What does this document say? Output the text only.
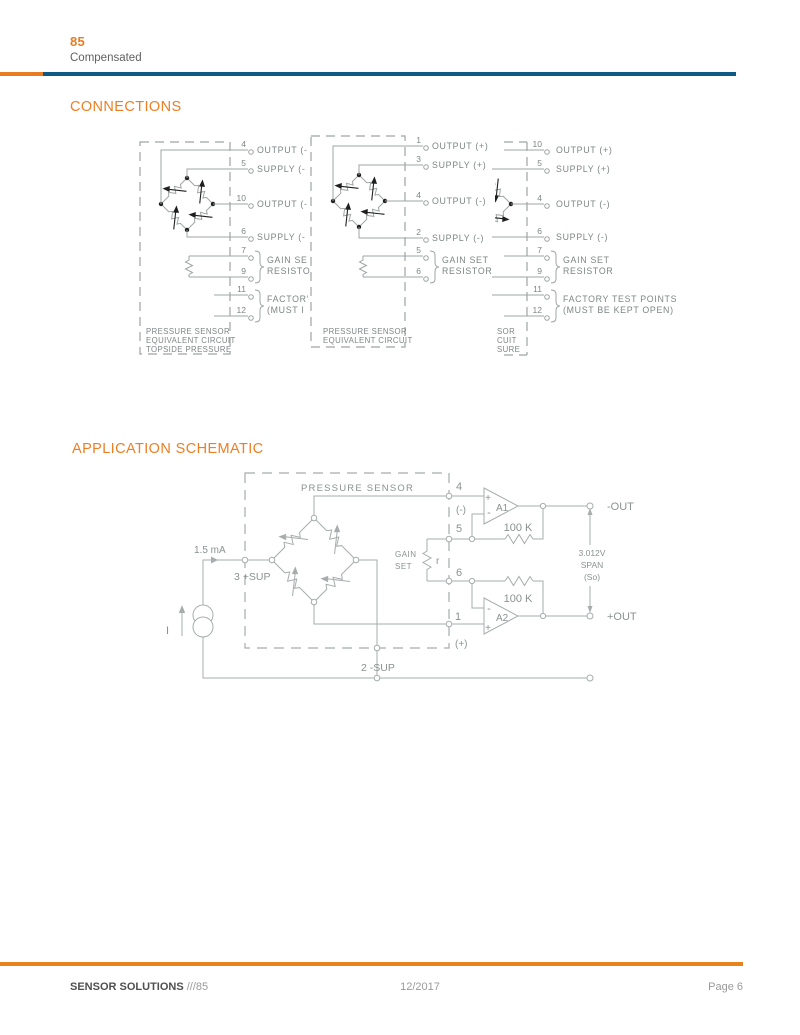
85
Compensated
CONNECTIONS
APPLICATION SCHEMATIC
4
5
10
6
7
9
11
12
OUTPUT (-
SUPPLY (-
OUTPUT (-
SUPPLY (-
GAIN SE
RESISTO
FACTOR'
(MUST I
PRESSURE SENSOR
EQUIVALENT CIRCUIT
TOPSIDE PRESSURE
1
3
4
2
5
6
OUTPUT (+)
SUPPLY (+)
OUTPUT (-)
SUPPLY (-)
GAIN SET
RESISTOR
PRESSURE SENSOR
EQUIVALENT CIRCUIT
10
5
4
6
7
9
11
12
OUTPUT (+)
SUPPLY (+)
OUTPUT (-)
SUPPLY (-)
GAIN SET
RESISTOR
FACTORY TEST POINTS
(MUST BE KEPT OPEN)
SOR
CUIT
SURE
PRESSURE SENSOR
1.5 mA
I
3 +SUP
2 -SUP
4
(-)
5
6
1
(+)
GAIN
SET r
+
- A1
-
+
A2
100 K
100 K
-OUT
+OUT
3.012V
SPAN
(So)
SENSOR SOLUTIONS ///85	12/2017	Page 6
